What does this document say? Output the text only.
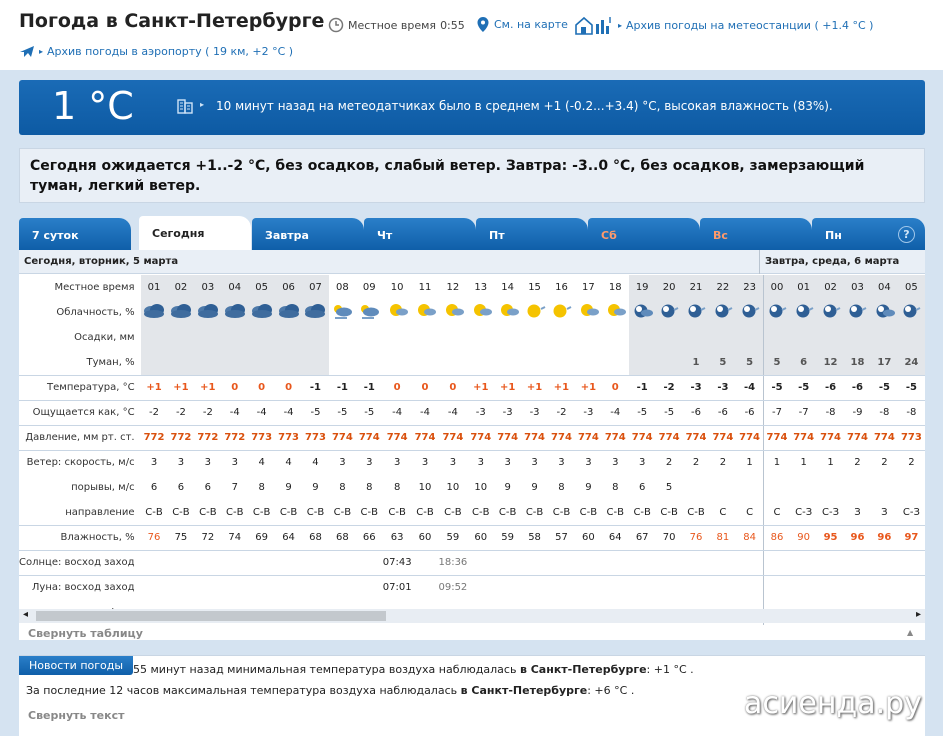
Погода в Санкт-Петербурге Местное время 0:55	См. на карте	▸ Архив погоды на метеостанции ( +1.4 °C )
▸ Архив погоды в аэропорту ( 19 км, +2 °C )
1 °C	▸ 10 минут назад на метеодатчиках было в среднем +1 (-0.2...+3.4) °C, высокая влажность (83%).
Сегодня ожидается +1..-2 °C, без осадков, слабый ветер. Завтра: -3..0 °C, без осадков, замерзающий туман, легкий ветер.
7 суток	Сегодня	Завтра	Чт	Пт	Сб	Вс	Пн	?
Сегодня, вторник, 5 марта	Завтра, среда, 6 марта
Местное время	01	02	03	04	05	06	07	08	09	10	11	12	13	14	15	16	17	18	19	20	21	22	23	00	01	02	03	04	05
Облачность, %																													
Осадки, мм																													
Туман, %																					1	5	5	5	6	12	18	17	24
Температура, °C	+1	+1	+1	0	0	0	-1	-1	-1	0	0	0	+1	+1	+1	+1	+1	0	-1	-2	-3	-3	-4	-5	-5	-6	-6	-5	-5
Ощущается как, °C	-2	-2	-2	-4	-4	-4	-5	-5	-5	-4	-4	-4	-3	-3	-3	-2	-3	-4	-5	-5	-6	-6	-6	-7	-7	-8	-9	-8	-8
Давление, мм рт. ст.	772	772	772	772	773	773	773	774	774	774	774	774	774	774	774	774	774	774	774	774	774	774	774	774	774	774	774	774	773
Ветер: скорость, м/с	3	3	3	3	4	4	4	3	3	3	3	3	3	3	3	3	3	3	3	2	2	2	1	1	1	1	2	2	2
порывы, м/с	6	6	6	7	8	9	9	8	8	8	10	10	10	9	9	8	9	8	6	5									
направление	С-В	С-В	С-В	С-В	С-В	С-В	С-В	С-В	С-В	С-В	С-В	С-В	С-В	С-В	С-В	С-В	С-В	С-В	С-В	С-В	С-В	С	С	С	С-З	С-З	З	З	С-З
Влажность, %	76	75	72	74	69	64	68	68	66	63	60	59	60	59	58	57	60	64	67	70	76	81	84	86	90	95	96	96	97
Солнце: восход заход										07:43		18:36																	
Луна: восход заход										07:01		09:52																	

◂	▸
Свернуть таблицу	▲
Новости погоды 55 минут назад минимальная температура воздуха наблюдалась в Санкт-Петербурге: +1 °C .
За последние 12 часов максимальная температура воздуха наблюдалась в Санкт-Петербурге: +6 °C .
Свернуть текст	асиенда.ру
